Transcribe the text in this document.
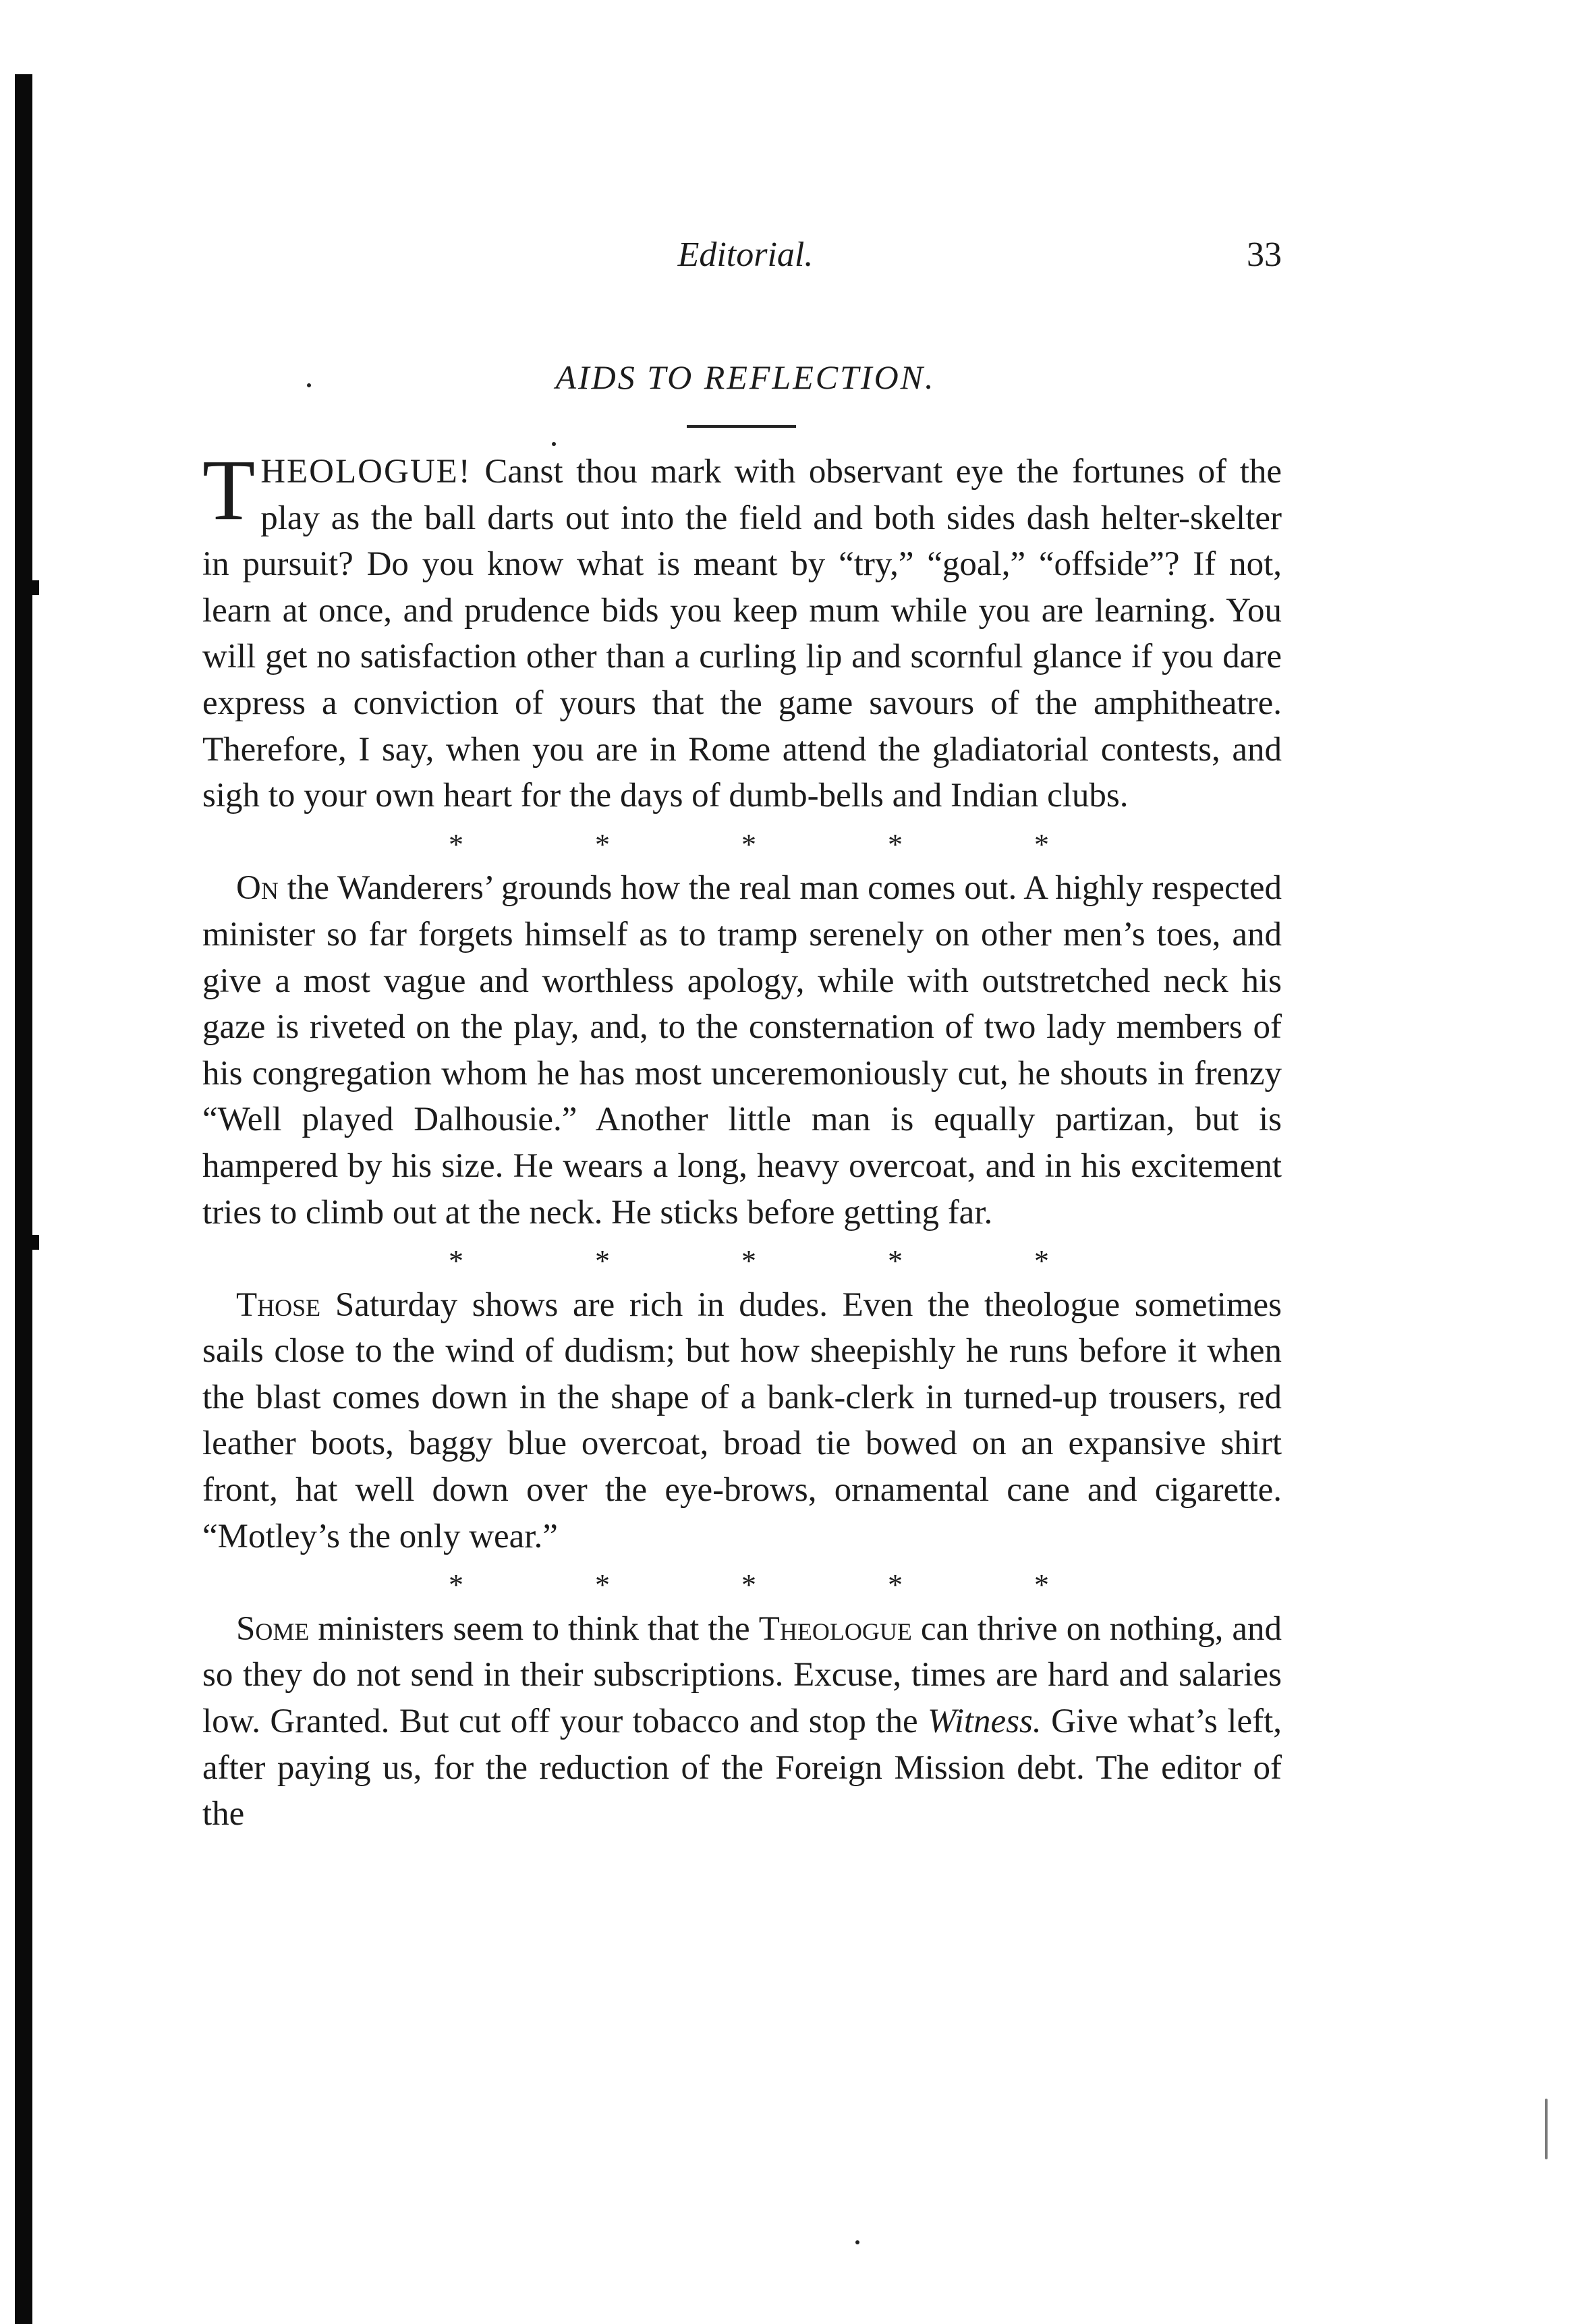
Editorial.	33
AIDS TO REFLECTION.

THEOLOGUE! Canst thou mark with observant eye the fortunes of the play as the ball darts out into the field and both sides dash helter-skelter in pursuit? Do you know what is meant by “try,” “goal,” “offside”? If not, learn at once, and prudence bids you keep mum while you are learning. You will get no satisfaction other than a curling lip and scornful glance if you dare express a conviction of yours that the game savours of the amphitheatre. Therefore, I say, when you are in Rome attend the gladiatorial contests, and sigh to your own heart for the days of dumb-bells and Indian clubs.

*	*	*	*	*

On the Wanderers’ grounds how the real man comes out. A highly respected minister so far forgets himself as to tramp serenely on other men’s toes, and give a most vague and worthless apology, while with outstretched neck his gaze is riveted on the play, and, to the consternation of two lady members of his congregation whom he has most unceremoniously cut, he shouts in frenzy “Well played Dalhousie.” Another little man is equally partizan, but is hampered by his size. He wears a long, heavy overcoat, and in his excitement tries to climb out at the neck. He sticks before getting far.

*	*	*	*	*

Those Saturday shows are rich in dudes. Even the theologue sometimes sails close to the wind of dudism; but how sheepishly he runs before it when the blast comes down in the shape of a bank-clerk in turned-up trousers, red leather boots, baggy blue overcoat, broad tie bowed on an expansive shirt front, hat well down over the eye-brows, ornamental cane and cigarette. “Motley’s the only wear.”

*	*	*	*	*

Some ministers seem to think that the Theologue can thrive on nothing, and so they do not send in their subscriptions. Excuse, times are hard and salaries low. Granted. But cut off your tobacco and stop the Witness. Give what’s left, after paying us, for the reduction of the Foreign Mission debt. The editor of the
